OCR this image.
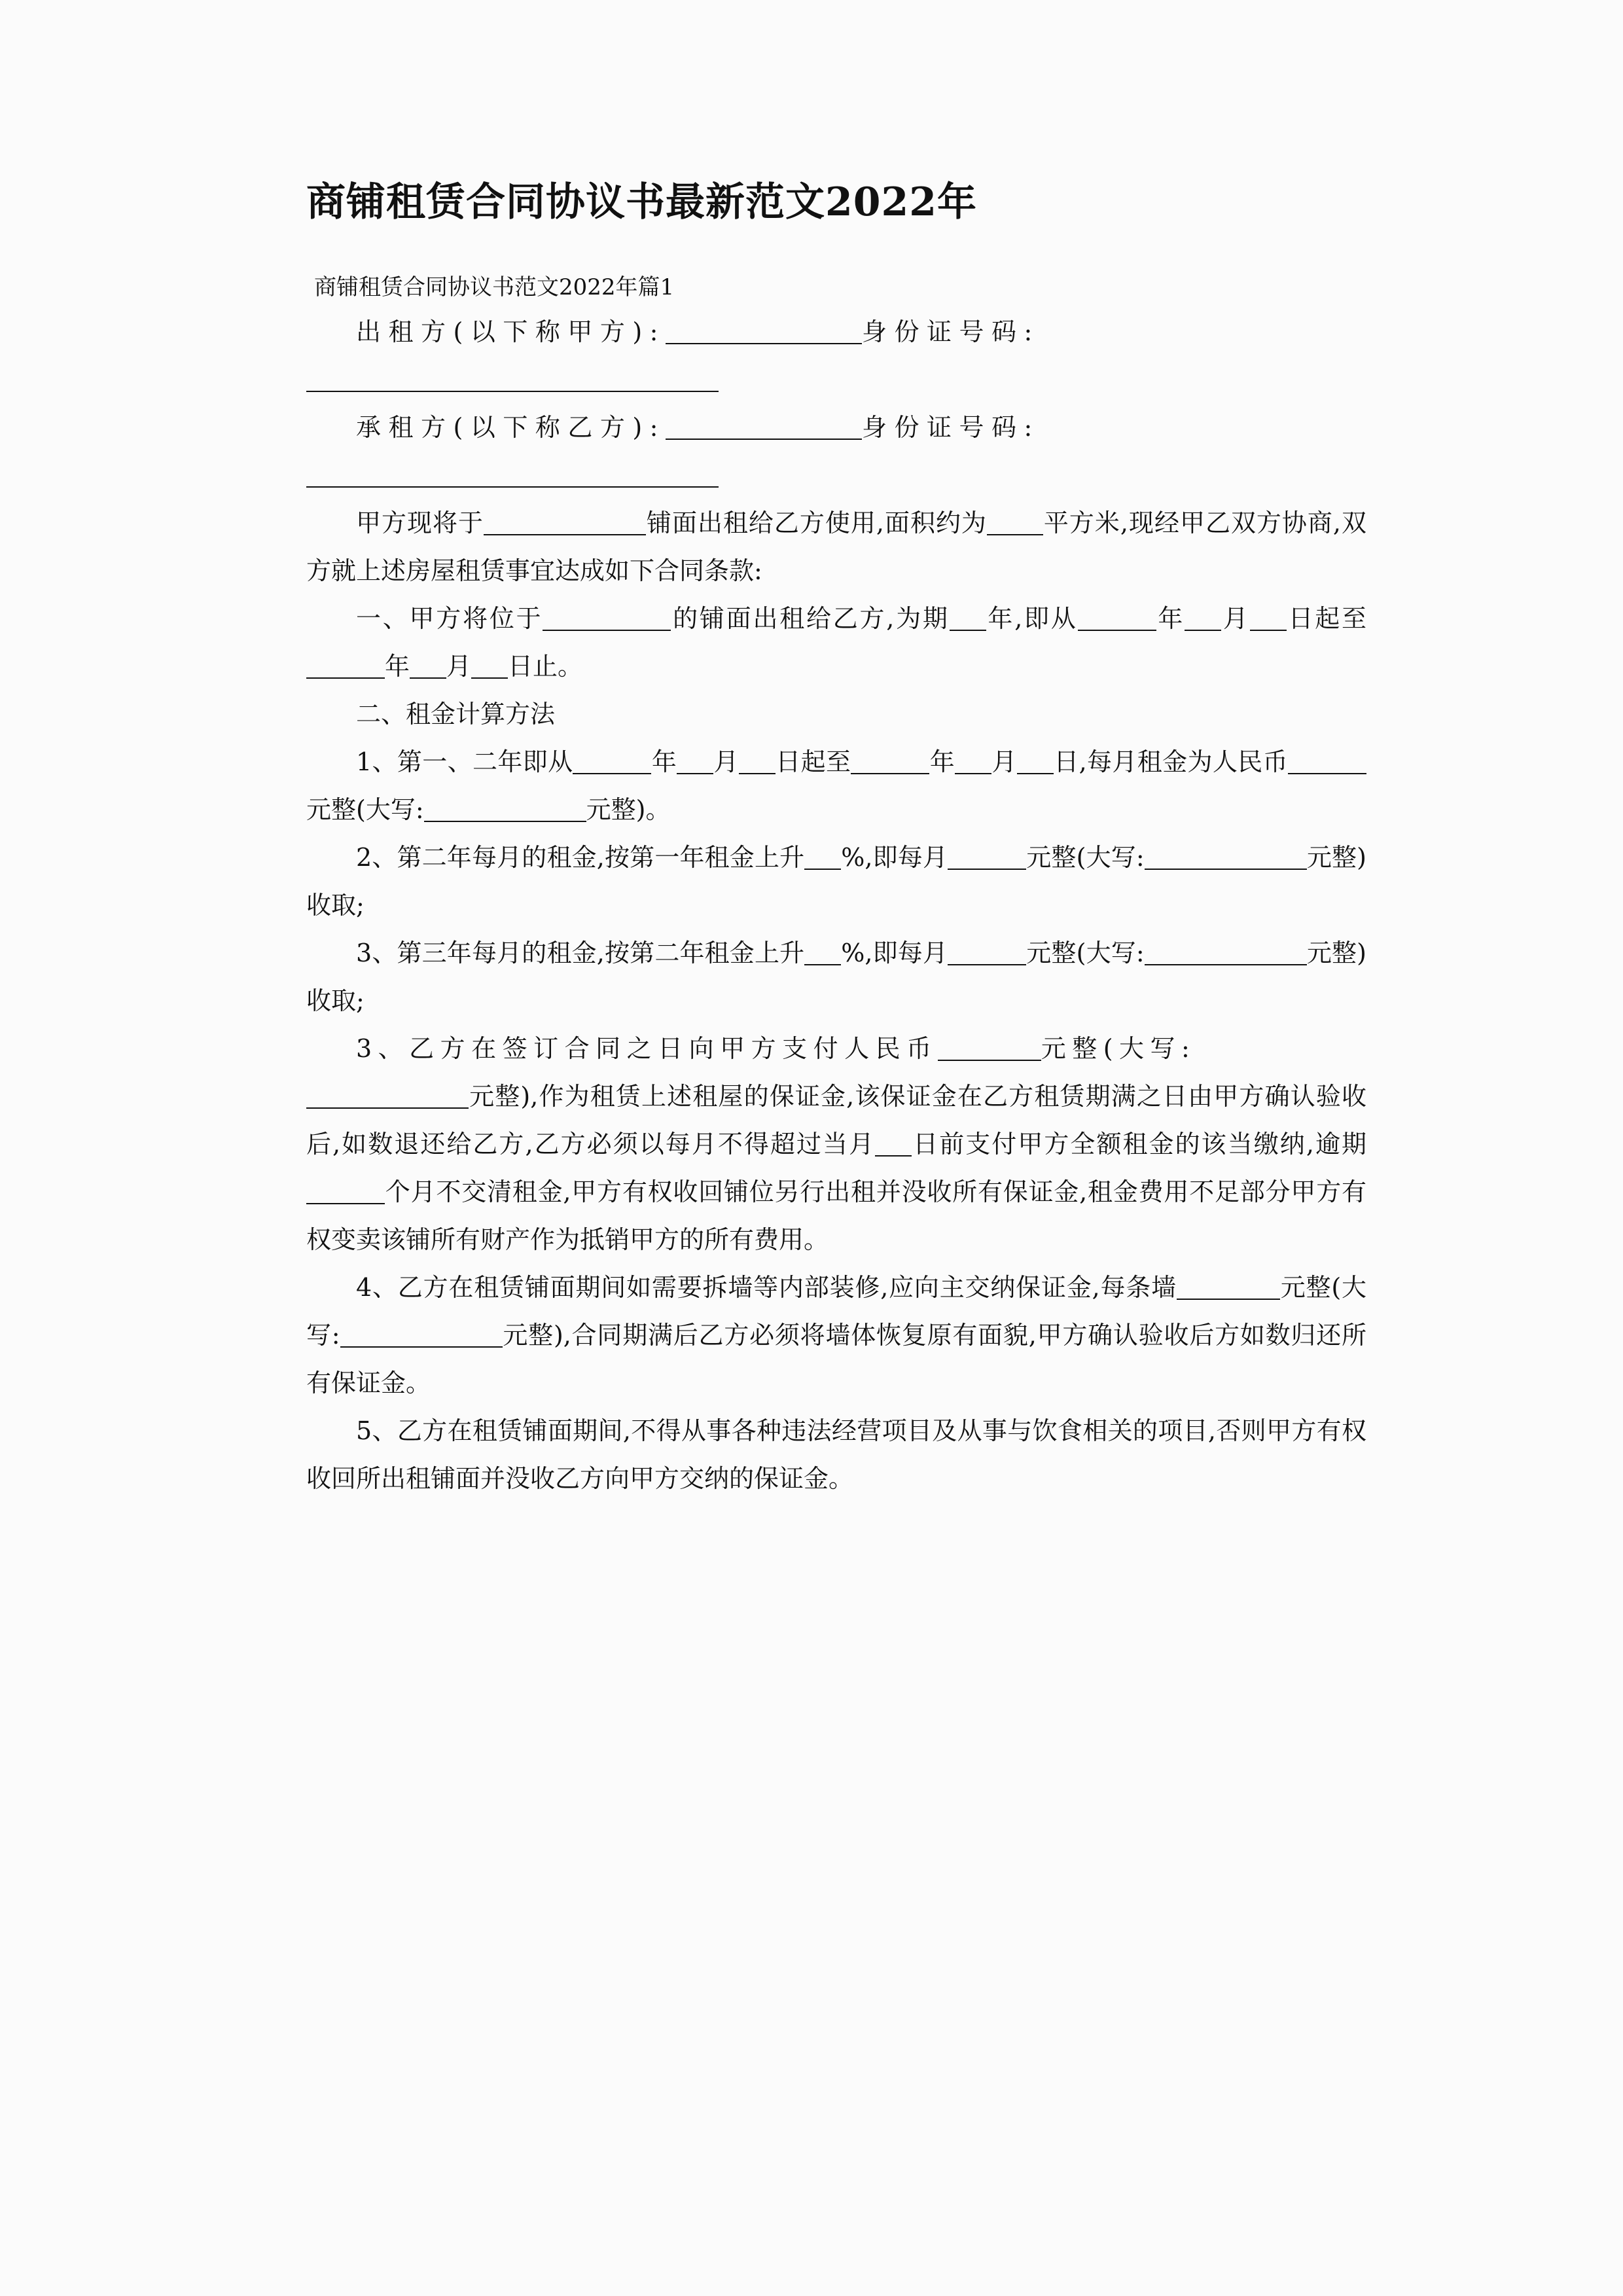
商铺租赁合同协议书最新范文2022年

商铺租赁合同协议书范文2022年篇1

出租方(以下称甲方):	身份证号码:

承租方(以下称乙方):	身份证号码:

甲方现将于	铺面出租给乙方使用,面积约为 平方米,现经甲乙双方协商,双方就上述房屋租赁事宜达成如下合同条款:

一、甲方将位于	的铺面出租给乙方,为期 年,即从	年 月 日起至年 月 日止。

二、租金计算方法

1、第一、二年即从	年 月 日起至	年 月 日,每月租金为人民币元整(大写:	元整)。

2、第二年每月的租金,按第一年租金上升 %,即每月	元整(大写:	元整)收取;

3、第三年每月的租金,按第二年租金上升 %,即每月	元整(大写:	元整)收取;

3、乙方在签订合同之日向甲方支付人民币	元整(大写:

元整),作为租赁上述租屋的保证金,该保证金在乙方租赁期满之日由甲方确认验收后,如数退还给乙方,乙方必须以每月不得超过当月 日前支付甲方全额租金的该当缴纳,逾期个月不交清租金,甲方有权收回铺位另行出租并没收所有保证金,租金费用不足部分甲方有权变卖该铺所有财产作为抵销甲方的所有费用。

4、乙方在租赁铺面期间如需要拆墙等内部装修,应向主交纳保证金,每条墙	元整(大写:	元整),合同期满后乙方必须将墙体恢复原有面貌,甲方确认验收后方如数归还所有保证金。

5、乙方在租赁铺面期间,不得从事各种违法经营项目及从事与饮食相关的项目,否则甲方有权收回所出租铺面并没收乙方向甲方交纳的保证金。
